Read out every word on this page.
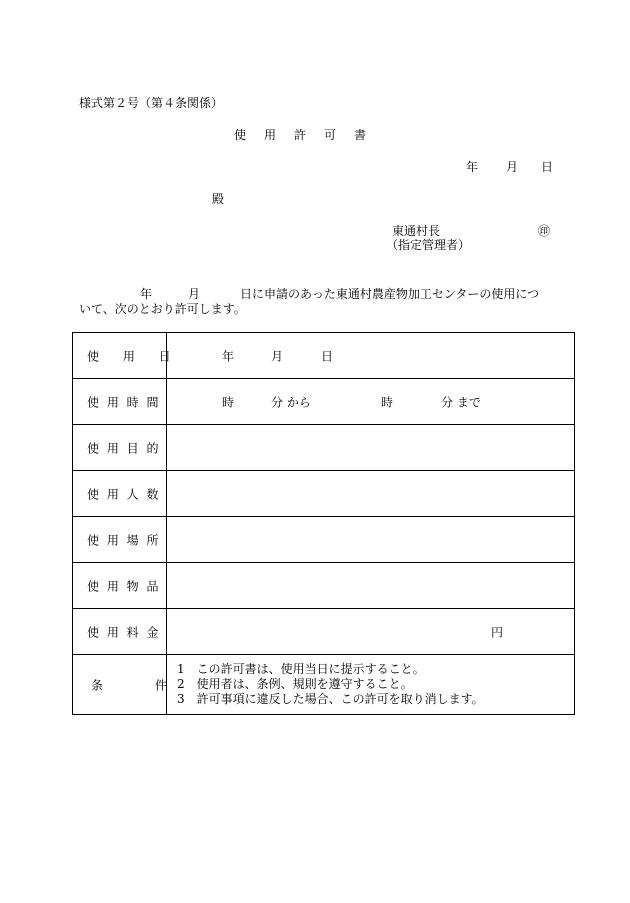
様式第２号（第４条関係）
使用許可書
年 月 日
殿
東通村長	㊞
（指定管理者）
年	月	日に申請のあった東通村農産物加工センターの使用につ
いて、次のとおり許可します。
使 用 日	年 月 日

使 用 時 間	時 分 から 時 分 まで

使 用 目 的	

使 用 人 数	

使 用 場 所	

使 用 物 品	

使 用 料 金	円

条 件	1　この許可書は、使用当日に提示すること。
2　使用者は、条例、規則を遵守すること。
3　許可事項に違反した場合、この許可を取り消します。
